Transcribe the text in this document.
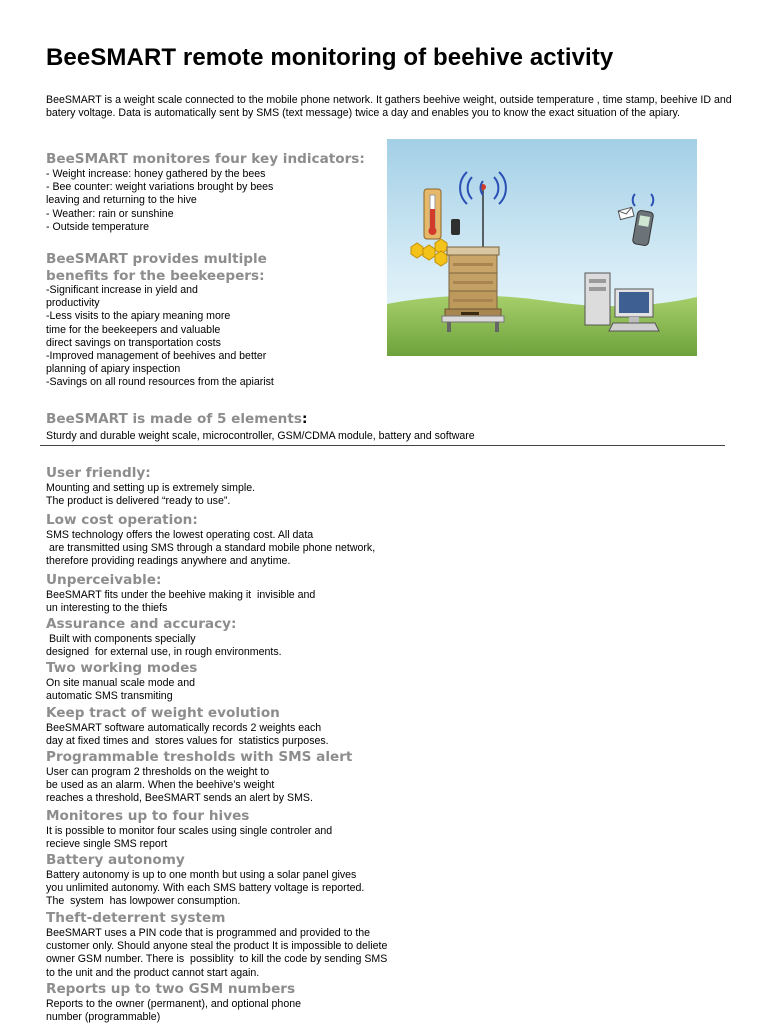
BeeSMART remote monitoring of beehive activity

BeeSMART is a weight scale connected to the mobile phone network. It gathers beehive weight, outside temperature , time stamp, beehive ID and batery voltage. Data is automatically sent by SMS (text message) twice a day and enables you to know the exact situation of the apiary.

BeeSMART monitores four key indicators:
- Weight increase: honey gathered by the bees
- Bee counter: weight variations brought by bees
leaving and returning to the hive
- Weather: rain or sunshine
- Outside temperature
BeeSMART provides multiple
benefits for the beekeepers:
-Significant increase in yield and
productivity
-Less visits to the apiary meaning more
time for the beekeepers and valuable
direct savings on transportation costs
-Improved management of beehives and better
planning of apiary inspection
-Savings on all round resources from the apiarist
BeeSMART is made of 5 elements:
Sturdy and durable weight scale, microcontroller, GSM/CDMA module, battery and software
User friendly:
Mounting and setting up is extremely simple.
The product is delivered “ready to use”.
Low cost operation:
SMS technology offers the lowest operating cost. All data
are transmitted using SMS through a standard mobile phone network,
therefore providing readings anywhere and anytime.
Unperceivable:
BeeSMART fits under the beehive making it  invisible and
un interesting to the thiefs
Assurance and accuracy:
Built with components specially
designed  for external use, in rough environments.
Two working modes
On site manual scale mode and
automatic SMS transmiting
Keep tract of weight evolution
BeeSMART software automatically records 2 weights each
day at fixed times and  stores values for  statistics purposes.
Programmable tresholds with SMS alert
User can program 2 thresholds on the weight to
be used as an alarm. When the beehive’s weight
reaches a threshold, BeeSMART sends an alert by SMS.
Monitores up to four hives
It is possible to monitor four scales using single controler and
recieve single SMS report
Battery autonomy
Battery autonomy is up to one month but using a solar panel gives
you unlimited autonomy. With each SMS battery voltage is reported.
The  system  has lowpower consumption.
Theft-deterrent system
BeeSMART uses a PIN code that is programmed and provided to the
customer only. Should anyone steal the product It is impossible to deliete
owner GSM number. There is  possiblity  to kill the code by sending SMS
to the unit and the product cannot start again.
Reports up to two GSM numbers
Reports to the owner (permanent), and optional phone
number (programmable)
